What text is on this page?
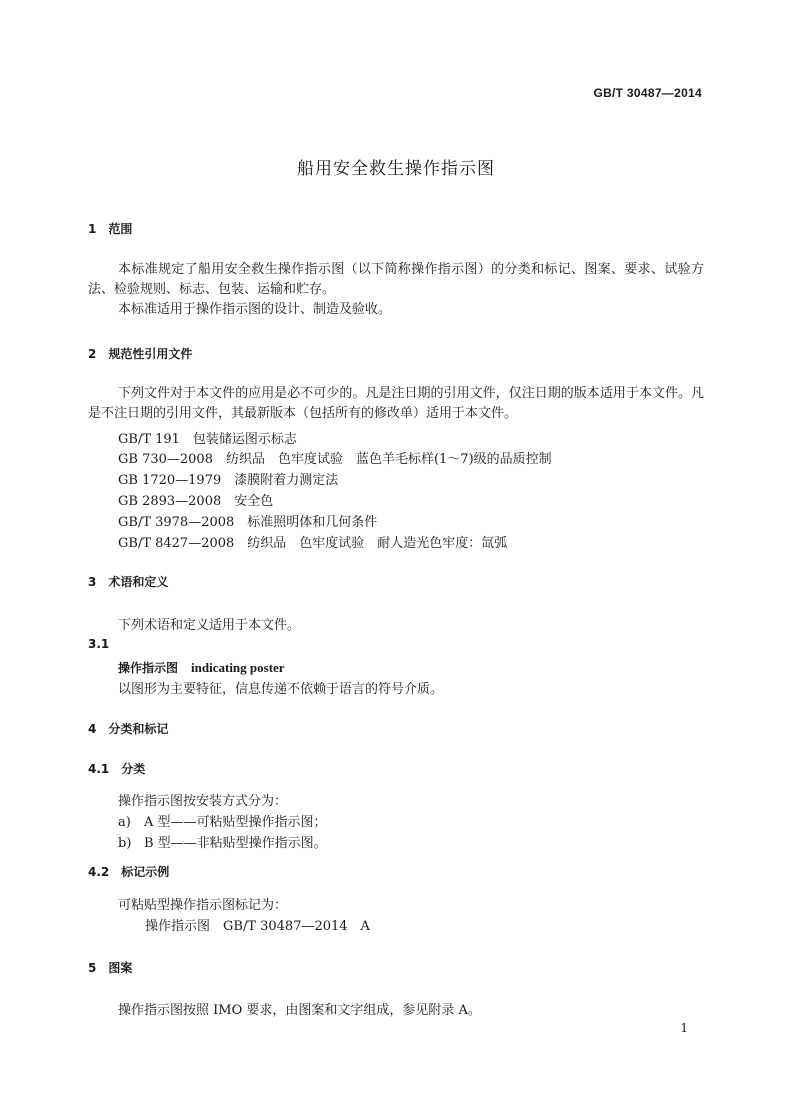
GB/T 30487—2014
船用安全救生操作指示图
1　范围
本标准规定了船用安全救生操作指示图（以下简称操作指示图）的分类和标记、图案、要求、试验方法、检验规则、标志、包装、运输和贮存。
本标准适用于操作指示图的设计、制造及验收。
2　规范性引用文件
下列文件对于本文件的应用是必不可少的。凡是注日期的引用文件，仅注日期的版本适用于本文件。凡是不注日期的引用文件，其最新版本（包括所有的修改单）适用于本文件。
GB/T 191　包装储运图示标志
GB 730—2008　纺织品　色牢度试验　蓝色羊毛标样(1～7)级的品质控制
GB 1720—1979　漆膜附着力测定法
GB 2893—2008　安全色
GB/T 3978—2008　标准照明体和几何条件
GB/T 8427—2008　纺织品　色牢度试验　耐人造光色牢度：氙弧
3　术语和定义
下列术语和定义适用于本文件。
3.1
操作指示图　 indicating poster
以图形为主要特征，信息传递不依赖于语言的符号介质。
4　分类和标记
4.1　分类
操作指示图按安装方式分为：
a) A 型——可粘贴型操作指示图；
b) B 型——非粘贴型操作指示图。
4.2　标记示例
可粘贴型操作指示图标记为：
操作指示图　GB/T 30487—2014　A
5　图案
操作指示图按照 IMO 要求，由图案和文字组成，参见附录 A。
1
